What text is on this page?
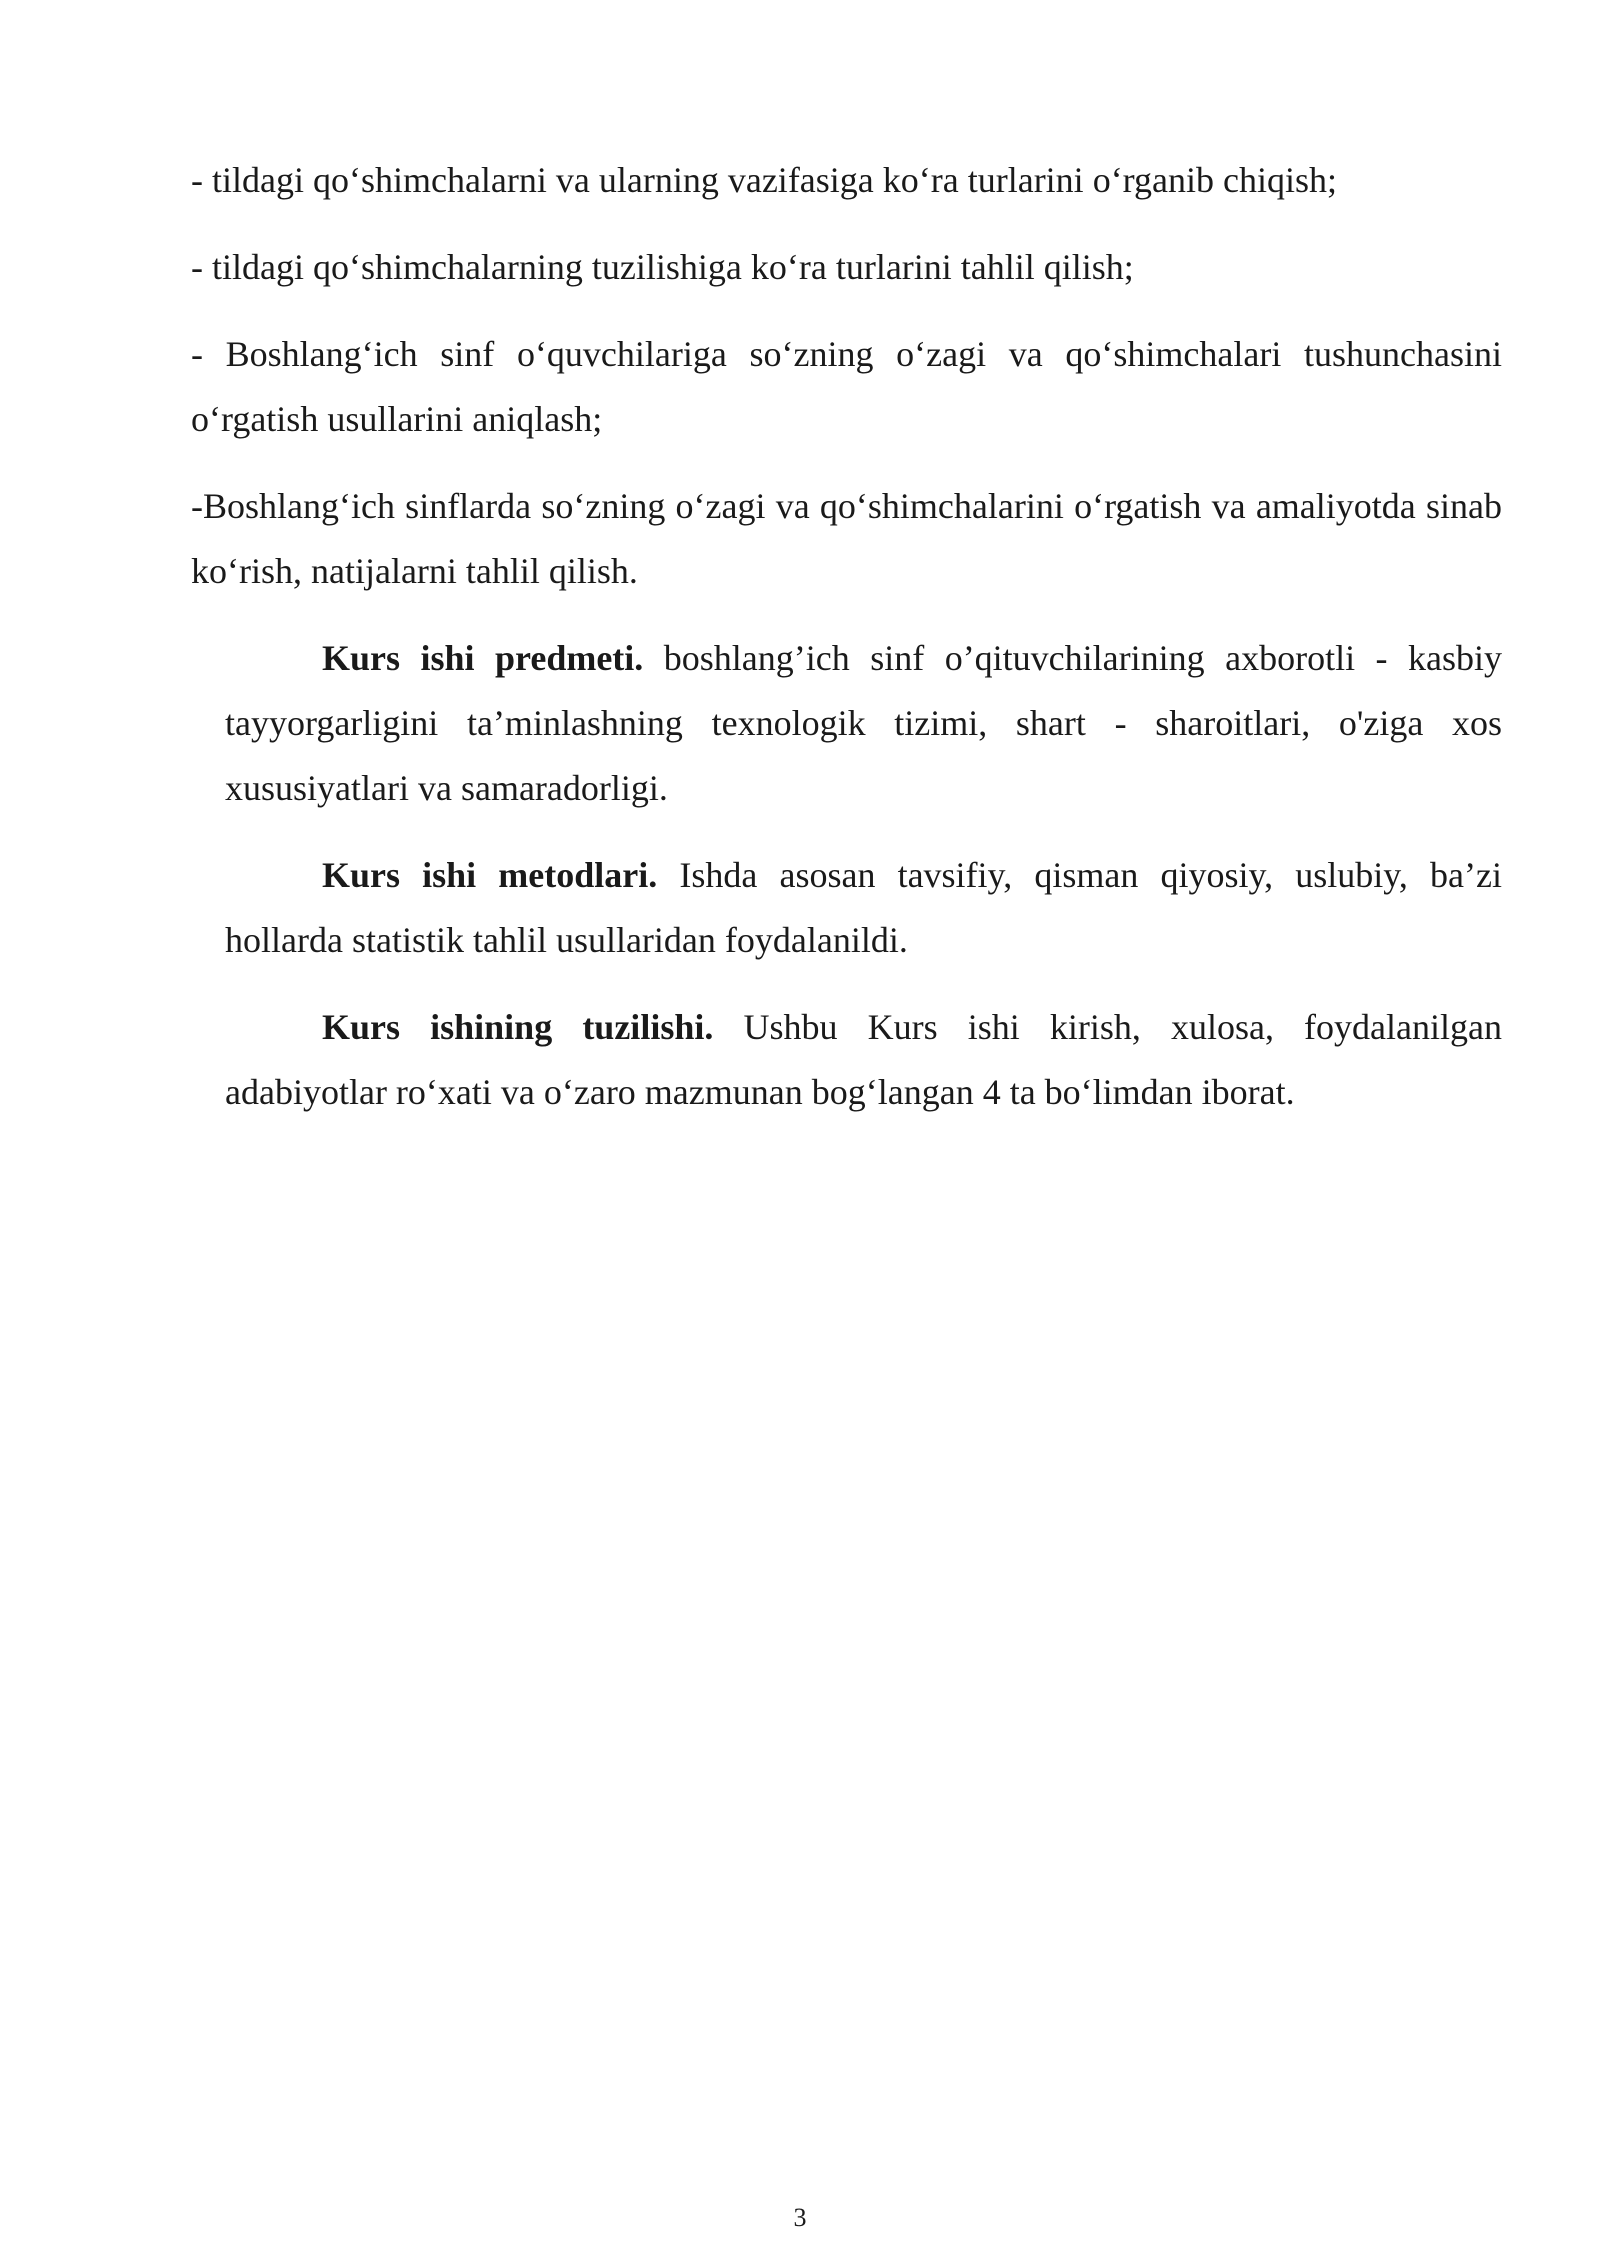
- tildagi qo‘shimchalarni va ularning vazifasiga ko‘ra turlarini o‘rganib chiqish;

- tildagi qo‘shimchalarning tuzilishiga ko‘ra turlarini tahlil qilish;

- Boshlang‘ich sinf o‘quvchilariga so‘zning o‘zagi va qo‘shimchalari tushunchasini o‘rgatish usullarini aniqlash;

-Boshlang‘ich sinflarda so‘zning o‘zagi va qo‘shimchalarini o‘rgatish va amaliyotda sinab ko‘rish, natijalarni tahlil qilish.

Kurs ishi predmeti. boshlang’ich sinf o’qituvchilarining axborotli - kasbiy tayyorgarligini ta’minlashning texnologik tizimi, shart - sharoitlari, o'ziga xos xususiyatlari va samaradorligi.

Kurs ishi metodlari. Ishda asosan tavsifiy, qisman qiyosiy, uslubiy, ba’zi hollarda statistik tahlil usullaridan foydalanildi.

Kurs ishining tuzilishi. Ushbu Kurs ishi kirish, xulosa, foydalanilgan adabiyotlar ro‘xati va o‘zaro mazmunan bog‘langan 4 ta bo‘limdan iborat.

3
